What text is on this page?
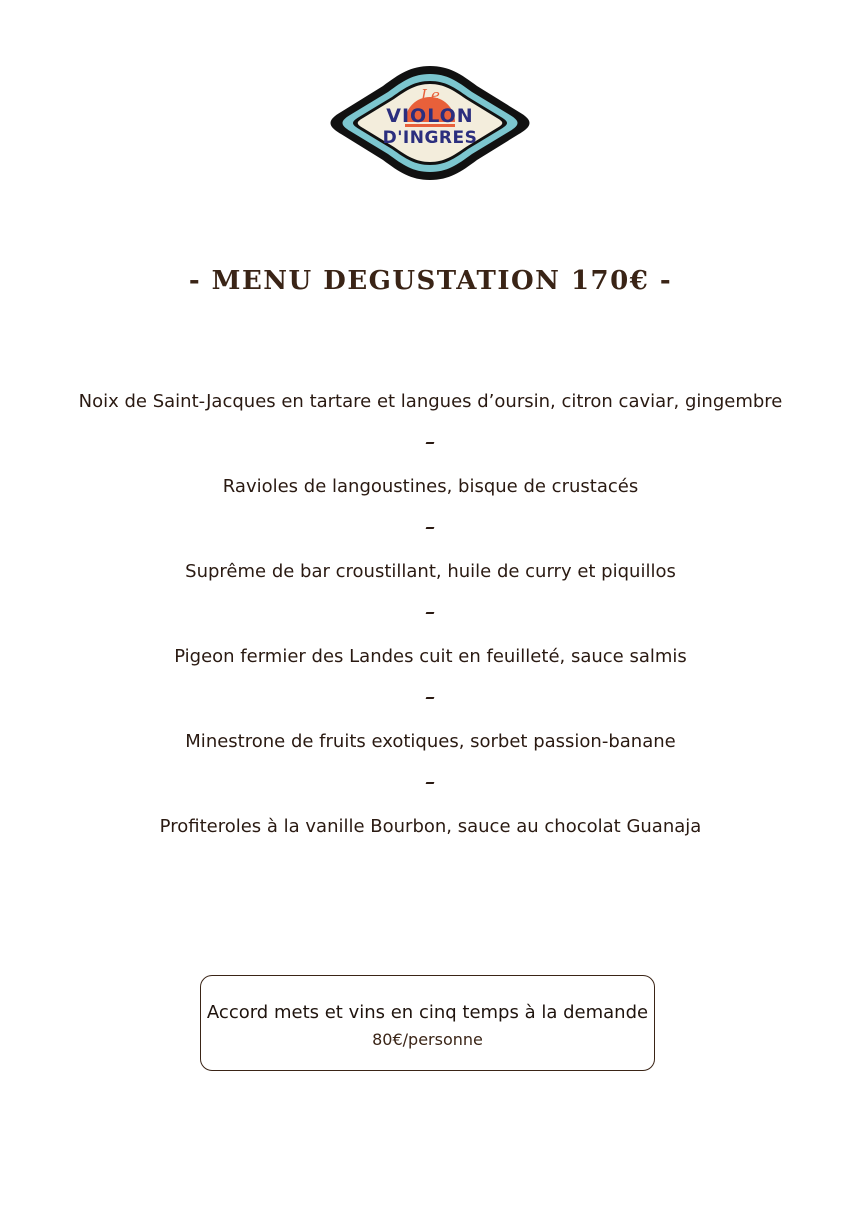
Le
VIOLON
D'INGRES
- MENU DEGUSTATION 170€ -
Noix de Saint-Jacques en tartare et langues d’oursin, citron caviar, gingembre
Ravioles de langoustines, bisque de crustacés
Suprême de bar croustillant, huile de curry et piquillos
Pigeon fermier des Landes cuit en feuilleté, sauce salmis
Minestrone de fruits exotiques, sorbet passion-banane
Profiteroles à la vanille Bourbon, sauce au chocolat Guanaja
Accord mets et vins en cinq temps à la demande
80€/personne
